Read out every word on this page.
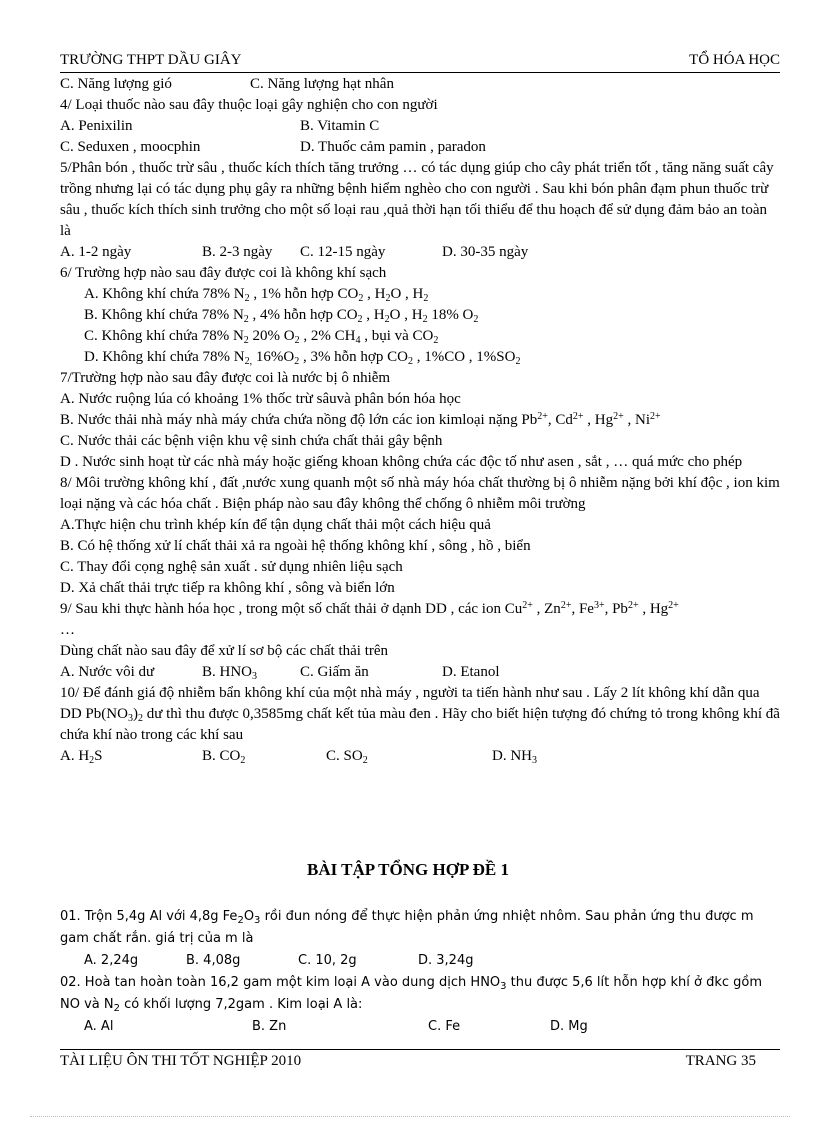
TRƯỜNG THPT DẦU GIÂY	TỔ HÓA HỌC

C. Năng lượng gió	C. Năng lượng hạt nhân

4/ Loại thuốc nào sau đây thuộc loại gây nghiện cho con người

A. Penixilin	B. Vitamin C

C. Seduxen , moocphin	D. Thuốc cảm pamin , paradon

5/Phân bón , thuốc trừ sâu , thuốc kích thích tăng trưởng … có tác dụng giúp cho cây phát triển tốt , tăng năng suất cây trồng nhưng lại có tác dụng phụ gây ra những bệnh hiểm nghèo cho con người . Sau khi bón phân đạm phun thuốc trừ sâu , thuốc kích thích sinh trưởng cho một số loại rau ,quả thời hạn tối thiểu để thu hoạch để sử dụng đảm bảo an toàn là

A. 1-2 ngày	B. 2-3 ngày C. 12-15 ngày	D. 30-35 ngày

6/ Trường hợp nào sau đây được coi là không khí sạch

A. Không khí chứa 78% $N_2$ , 1% hỗn hợp $CO_2$ , $H_2O$ , $H_2$

B. Không khí chứa 78% $N_2$ , 4% hỗn hợp $CO_2$ , $H_2O$ , $H_2$ 18% $O_2$

C. Không khí chứa 78% $N_2$ 20% $O_2$ , 2% $CH_4$ , bụi và $CO_2$

D. Không khí chứa 78% $N_{2,}$ $16\%O_2$ , 3% hỗn hợp $CO_2$ , 1%CO , $1\%SO_2$

7/Trường hợp nào sau đây được coi là nước bị ô nhiễm

A. Nước ruộng lúa có khoảng 1% thốc trừ sâuvà phân bón hóa học

B. Nước thải nhà máy nhà máy chứa chứa nồng độ lớn các ion kimloại nặng $Pb^{2+}$, $Cd^{2+}$ , $Hg^{2+}$ , $Ni^{2+}$

C. Nước thải các bệnh viện khu vệ sinh chứa chất thải gây bệnh

D . Nước sinh hoạt từ các nhà máy hoặc giếng khoan không chứa các độc tố như asen , sắt , … quá mức cho phép

8/ Môi trường không khí , đất ,nước xung quanh một số nhà máy hóa chất thường bị ô nhiễm nặng bởi khí độc , ion kim loại nặng và các hóa chất . Biện pháp nào sau đây không thể chống ô nhiễm môi trường

A.Thực hiện chu trình khép kín để tận dụng chất thải một cách hiệu quả

B. Có hệ thống xử lí chất thải xả ra ngoài hệ thống không khí , sông , hồ , biển

C. Thay đổi cọng nghệ sản xuất . sử dụng nhiên liệu sạch

D. Xả chất thải trực tiếp ra không khí , sông và biển lớn

9/ Sau khi thực hành hóa học , trong một số chất thải ở dạnh DD , các ion $Cu^{2+}$ , $Zn^{2+}$, $Fe^{3+}$, $Pb^{2+}$ , $Hg^{2+}$

…

Dùng chất nào sau đây để xử lí sơ bộ các chất thải trên

A. Nước vôi dư	B. $HNO_3$	C. Giấm ăn	D. Etanol

10/ Để đánh giá độ nhiễm bẩn không khí của một nhà máy , người ta tiến hành như sau . Lấy 2 lít không khí dẫn qua DD $Pb(NO_3)_2$ dư thì thu được 0,3585mg chất kết tủa màu đen . Hãy cho biết hiện tượng đó chứng tỏ trong không khí đã chứa khí nào trong các khí sau

A. $H_2S$	B. $CO_2$	C. $SO_2$	D. $NH_3$

BÀI TẬP TỔNG HỢP ĐỀ 1

01. Trộn 5,4g Al với 4,8g $Fe_2O_3$ rồi đun nóng để thực hiện phản ứng nhiệt nhôm. Sau phản ứng thu được m gam chất rắn. giá trị của m là

A. 2,24g	B. 4,08g	C. 10, 2g	D. 3,24g

02. Hoà tan hoàn toàn 16,2 gam một kim loại A vào dung dịch $HNO_3$ thu được 5,6 lít hỗn hợp khí ở đkc gồm NO và $N_2$ có khối lượng 7,2gam . Kim loại A là:

A. Al	B. Zn	C. Fe	D. Mg

TÀI LIỆU ÔN THI TỐT NGHIỆP 2010	TRANG 35
